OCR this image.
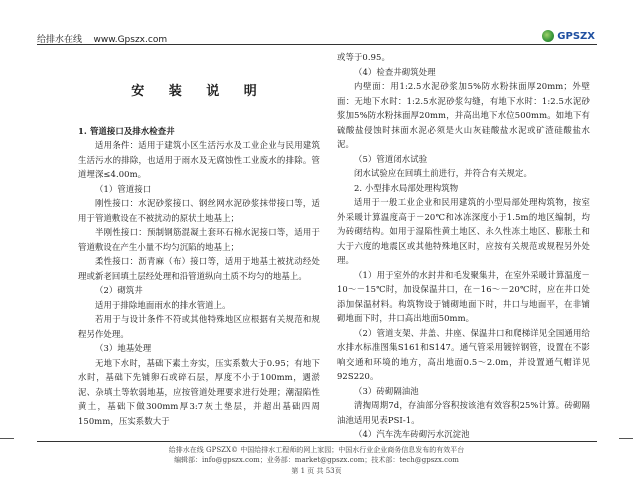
给排水在线 www.Gpszx.com	GPSZX

安 装 说 明

1. 管道接口及排水检查井

适用条件：适用于建筑小区生活污水及工业企业与民用建筑生活污水的排除，也适用于雨水及无腐蚀性工业废水的排除。管道埋深≤4.00m。

（1）管道接口

刚性接口：水泥砂浆接口、钢丝网水泥砂浆抹带接口等，适用于管道敷设在不被扰动的原状土地基上；

半刚性接口：预制钢筋混凝土套环石棉水泥接口等，适用于管道敷设在产生小量不均匀沉陷的地基上；

柔性接口：沥青麻（布）接口等，适用于地基土被扰动经处理或新老回填土层经处理和沿管道纵向土质不均匀的地基上。

（2）砌筑井

适用于排除地面雨水的排水管道上。

若用于与设计条件不符或其他特殊地区应根据有关规范和规程另作处理。

（3）地基处理

无地下水时，基础下素土夯实，压实系数大于0.95；有地下水时，基础下先铺卵石或碎石层，厚度不小于100mm，遇淤泥、杂填土等软弱地基，应按管道处理要求进行处理；潮湿陷性黄土，基础下做300mm厚3:7灰土垫层，并超出基础四周150mm，压实系数大于

或等于0.95。

（4）检查井砌筑处理

内壁面：用1:2.5水泥砂浆加5%防水粉抹面厚20mm；外壁面：无地下水时：1:2.5水泥砂浆勾缝，有地下水时：1:2.5水泥砂浆加5%防水粉抹面厚20mm，并高出地下水位500mm。如地下有硫酸盐侵蚀时抹面水泥必须是火山灰硅酸盐水泥或矿渣硅酸盐水泥。

（5）管道闭水试验

闭水试验应在回填土前进行，并符合有关规定。

2. 小型排水局部处理构筑物

适用于一般工业企业和民用建筑的小型局部处理构筑物，按室外采暖计算温度高于－20℃和冰冻深度小于1.5m的地区编制，均为砖砌结构。如用于湿陷性黄土地区、永久性冻土地区、膨胀土和大于六度的地震区或其他特殊地区时，应按有关规范或规程另外处理。

（1）用于室外的水封井和毛发聚集井，在室外采暖计算温度－10～－15℃时，加设保温井口，在－16～－20℃时，应在井口处添加保温材料。构筑物设于铺砌地面下时，井口与地面平，在非铺砌地面下时，井口高出地面50mm。

（2）管道支架、井盖、井座、保温井口和爬梯详见全国通用给水排水标准图集S161和S147。通气管采用镀锌钢管，设置在不影响交通和环境的地方，高出地面0.5～2.0m，并设置通气帽详见92S220。

（3）砖砌隔油池

清掏周期7d，存油部分容积按该池有效容积25%计算。砖砌隔油池适用见表PSI-1。

（4）汽车洗车砖砌污水沉淀池

给排水在线 GPSZX© 中国给排水工程师的网上家园；中国水行业企业商务信息发布的有效平台
编辑部：info@gpszx.com；业务部：market@gpszx.com；技术部：tech@gpszx.com
第 1 页 共 53页
